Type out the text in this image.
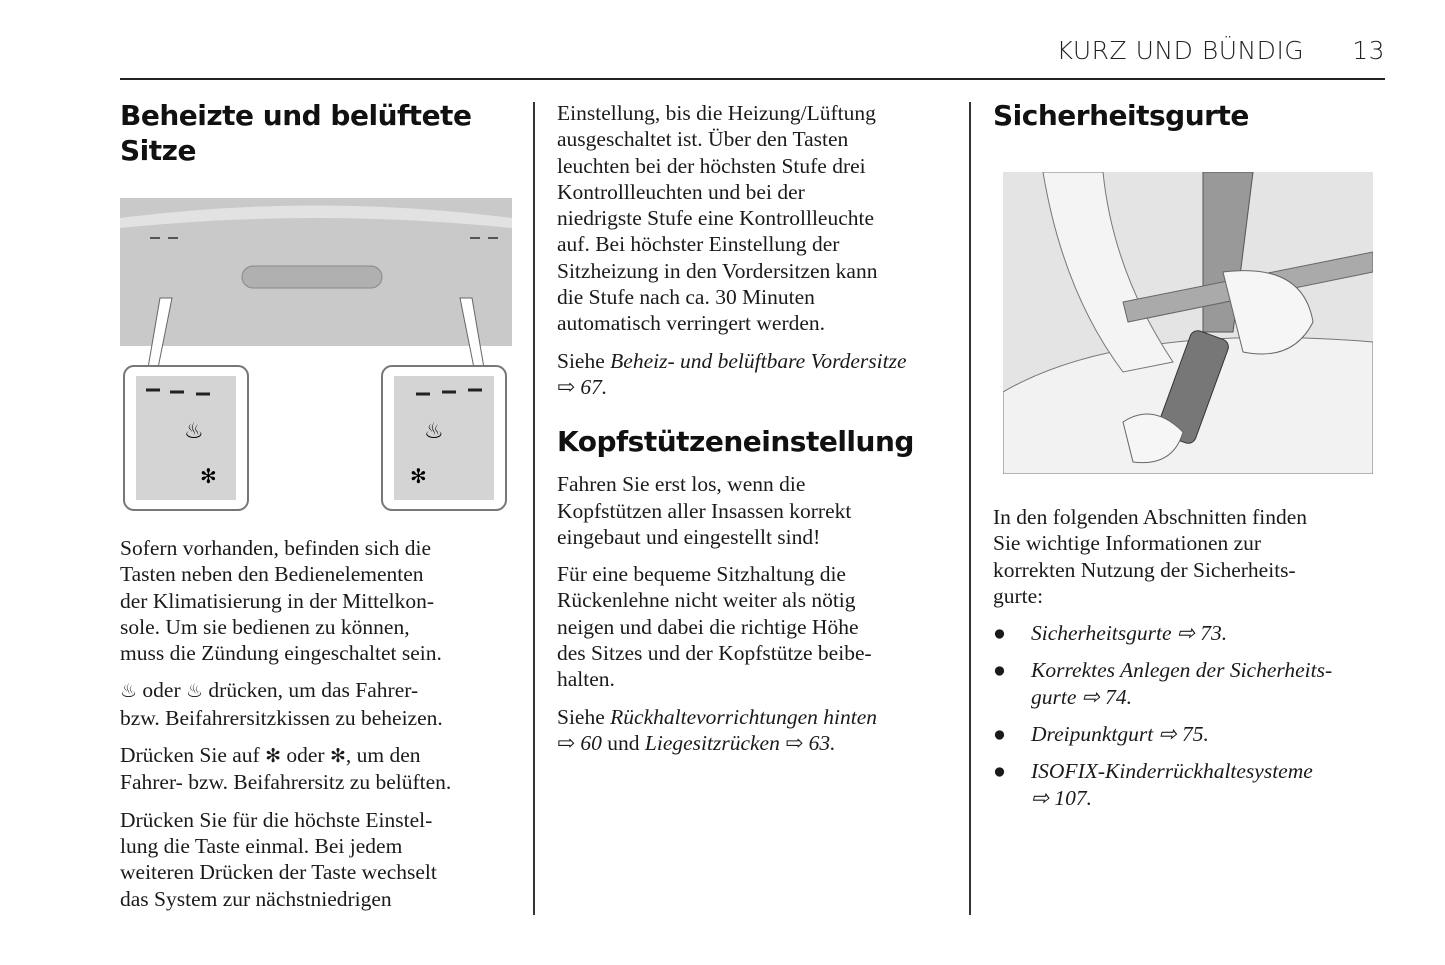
KURZ UND BÜNDIG 13
Beheizte und belüftete
Sitze
♨
✻
♨
✻

Sofern vorhanden, befinden sich die
Tasten neben den Bedienelementen
der Klimatisierung in der Mittelkon-
sole. Um sie bedienen zu können,
muss die Zündung eingeschaltet sein.

♨ oder ♨ drücken, um das Fahrer-
bzw. Beifahrersitzkissen zu beheizen.

Drücken Sie auf ✻ oder ✻, um den
Fahrer- bzw. Beifahrersitz zu belüften.

Drücken Sie für die höchste Einstel-
lung die Taste einmal. Bei jedem
weiteren Drücken der Taste wechselt
das System zur nächstniedrigen

Einstellung, bis die Heizung/Lüftung
ausgeschaltet ist. Über den Tasten
leuchten bei der höchsten Stufe drei
Kontrollleuchten und bei der
niedrigste Stufe eine Kontrollleuchte
auf. Bei höchster Einstellung der
Sitzheizung in den Vordersitzen kann
die Stufe nach ca. 30 Minuten
automatisch verringert werden.

Siehe Beheiz- und belüftbare Vordersitze
⇨ 67.

Kopfstützeneinstellung

Fahren Sie erst los, wenn die
Kopfstützen aller Insassen korrekt
eingebaut und eingestellt sind!

Für eine bequeme Sitzhaltung die
Rückenlehne nicht weiter als nötig
neigen und dabei die richtige Höhe
des Sitzes und der Kopfstütze beibe-
halten.

Siehe Rückhaltevorrichtungen hinten
⇨ 60 und Liegesitzrücken ⇨ 63.

Sicherheitsgurte

In den folgenden Abschnitten finden
Sie wichtige Informationen zur
korrekten Nutzung der Sicherheits-
gurte:

● Sicherheitsgurte ⇨ 73.
● Korrektes Anlegen der Sicherheits-
gurte ⇨ 74.
● Dreipunktgurt ⇨ 75.
● ISOFIX-Kinderrückhaltesysteme
⇨ 107.
